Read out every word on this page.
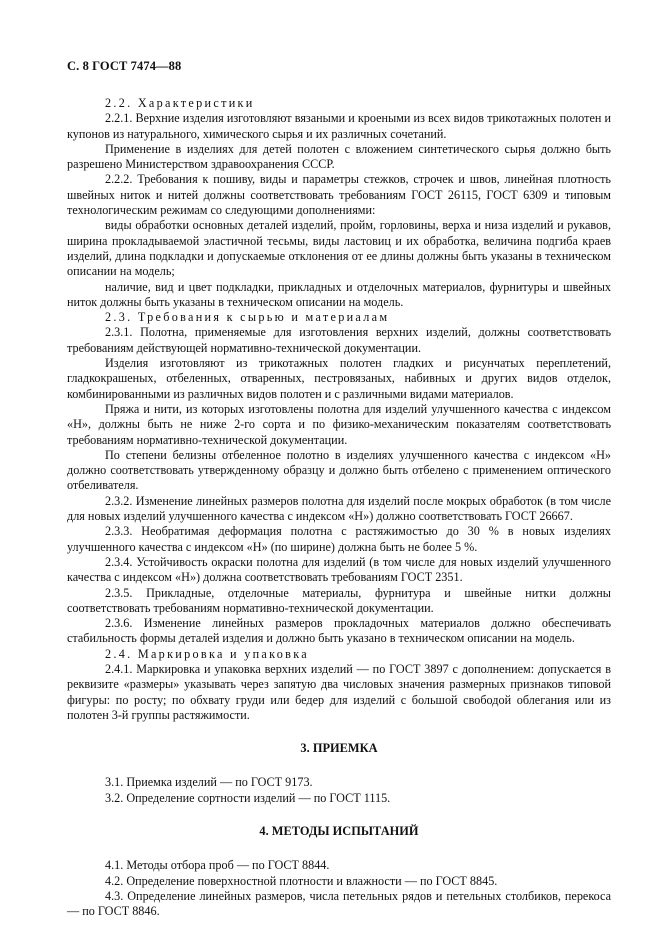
С. 8 ГОСТ 7474—88

2.2. Характеристики

2.2.1. Верхние изделия изготовляют вязаными и кроеными из всех видов трикотажных полотен и купонов из натурального, химического сырья и их различных сочетаний.

Применение в изделиях для детей полотен с вложением синтетического сырья должно быть разрешено Министерством здравоохранения СССР.

2.2.2. Требования к пошиву, виды и параметры стежков, строчек и швов, линейная плотность швейных ниток и нитей должны соответствовать требованиям ГОСТ 26115, ГОСТ 6309 и типовым технологическим режимам со следующими дополнениями:

виды обработки основных деталей изделий, пройм, горловины, верха и низа изделий и рукавов, ширина прокладываемой эластичной тесьмы, виды ластовиц и их обработка, величина подгиба краев изделий, длина подкладки и допускаемые отклонения от ее длины должны быть указаны в техническом описании на модель;

наличие, вид и цвет подкладки, прикладных и отделочных материалов, фурнитуры и швейных ниток должны быть указаны в техническом описании на модель.

2.3. Требования к сырью и материалам

2.3.1. Полотна, применяемые для изготовления верхних изделий, должны соответствовать требованиям действующей нормативно-технической документации.

Изделия изготовляют из трикотажных полотен гладких и рисунчатых переплетений, гладкокрашеных, отбеленных, отваренных, пестровязаных, набивных и других видов отделок, комбинированными из различных видов полотен и с различными видами материалов.

Пряжа и нити, из которых изготовлены полотна для изделий улучшенного качества с индексом «Н», должны быть не ниже 2-го сорта и по физико-механическим показателям соответствовать требованиям нормативно-технической документации.

По степени белизны отбеленное полотно в изделиях улучшенного качества с индексом «Н» должно соответствовать утвержденному образцу и должно быть отбелено с применением оптического отбеливателя.

2.3.2. Изменение линейных размеров полотна для изделий после мокрых обработок (в том числе для новых изделий улучшенного качества с индексом «Н») должно соответствовать ГОСТ 26667.

2.3.3. Необратимая деформация полотна с растяжимостью до 30 % в новых изделиях улучшенного качества с индексом «Н» (по ширине) должна быть не более 5 %.

2.3.4. Устойчивость окраски полотна для изделий (в том числе для новых изделий улучшенного качества с индексом «Н») должна соответствовать требованиям ГОСТ 2351.

2.3.5. Прикладные, отделочные материалы, фурнитура и швейные нитки должны соответствовать требованиям нормативно-технической документации.

2.3.6. Изменение линейных размеров прокладочных материалов должно обеспечивать стабильность формы деталей изделия и должно быть указано в техническом описании на модель.

2.4. Маркировка и упаковка

2.4.1. Маркировка и упаковка верхних изделий — по ГОСТ 3897 с дополнением: допускается в реквизите «размеры» указывать через запятую два числовых значения размерных признаков типовой фигуры: по росту; по обхвату груди или бедер для изделий с большой свободой облегания или из полотен 3-й группы растяжимости.

3. ПРИЕМКА

3.1. Приемка изделий — по ГОСТ 9173.

3.2. Определение сортности изделий — по ГОСТ 1115.

4. МЕТОДЫ ИСПЫТАНИЙ

4.1. Методы отбора проб — по ГОСТ 8844.

4.2. Определение поверхностной плотности и влажности — по ГОСТ 8845.

4.3. Определение линейных размеров, числа петельных рядов и петельных столбиков, перекоса — по ГОСТ 8846.
